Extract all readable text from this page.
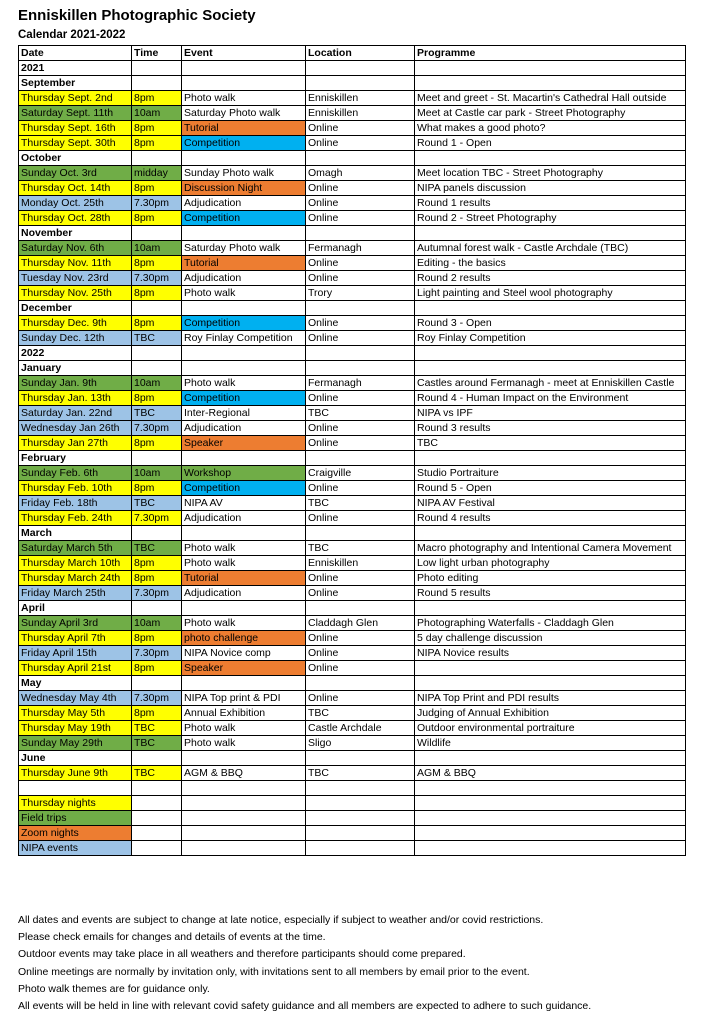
Enniskillen Photographic Society
Calendar 2021-2022
Date	Time	Event	Location	Programme
2021				
September				
Thursday Sept. 2nd	8pm	Photo walk	Enniskillen	Meet and greet - St. Macartin's Cathedral Hall outside
Saturday Sept. 11th	10am	Saturday Photo walk	Enniskillen	Meet at Castle car park - Street Photography
Thursday Sept. 16th	8pm	Tutorial	Online	What makes a good photo?
Thursday Sept. 30th	8pm	Competition	Online	Round 1 - Open
October				
Sunday Oct. 3rd	midday	Sunday Photo walk	Omagh	Meet location TBC - Street Photography
Thursday Oct. 14th	8pm	Discussion Night	Online	NIPA panels discussion
Monday Oct. 25th	7.30pm	Adjudication	Online	Round 1 results
Thursday Oct. 28th	8pm	Competition	Online	Round 2 - Street Photography
November				
Saturday Nov. 6th	10am	Saturday Photo walk	Fermanagh	Autumnal forest walk - Castle Archdale (TBC)
Thursday Nov. 11th	8pm	Tutorial	Online	Editing - the basics
Tuesday Nov. 23rd	7.30pm	Adjudication	Online	Round 2 results
Thursday Nov. 25th	8pm	Photo walk	Trory	Light painting and Steel wool photography
December				
Thursday Dec. 9th	8pm	Competition	Online	Round 3 - Open
Sunday Dec. 12th	TBC	Roy Finlay Competition	Online	Roy Finlay Competition
2022				
January				
Sunday Jan. 9th	10am	Photo walk	Fermanagh	Castles around Fermanagh - meet at Enniskillen Castle
Thursday Jan. 13th	8pm	Competition	Online	Round 4 - Human Impact on the Environment
Saturday Jan. 22nd	TBC	Inter-Regional	TBC	NIPA vs IPF
Wednesday Jan 26th	7.30pm	Adjudication	Online	Round 3 results
Thursday Jan 27th	8pm	Speaker	Online	TBC
February				
Sunday Feb. 6th	10am	Workshop	Craigville	Studio Portraiture
Thursday Feb. 10th	8pm	Competition	Online	Round 5 - Open
Friday Feb. 18th	TBC	NIPA AV	TBC	NIPA AV Festival
Thursday Feb. 24th	7.30pm	Adjudication	Online	Round 4 results
March				
Saturday March 5th	TBC	Photo walk	TBC	Macro photography and Intentional Camera Movement
Thursday March 10th	8pm	Photo walk	Enniskillen	Low light urban photography
Thursday March 24th	8pm	Tutorial	Online	Photo editing
Friday March 25th	7.30pm	Adjudication	Online	Round 5 results
April				
Sunday April 3rd	10am	Photo walk	Claddagh Glen	Photographing Waterfalls - Claddagh Glen
Thursday April 7th	8pm	photo challenge	Online	5 day challenge discussion
Friday April 15th	7.30pm	NIPA Novice comp	Online	NIPA Novice results
Thursday April 21st	8pm	Speaker	Online	
May				
Wednesday May 4th	7.30pm	NIPA Top print & PDI	Online	NIPA Top Print and PDI results
Thursday May 5th	8pm	Annual Exhibition	TBC	Judging of Annual Exhibition
Thursday May 19th	TBC	Photo walk	Castle Archdale	Outdoor environmental portraiture
Sunday May 29th	TBC	Photo walk	Sligo	Wildlife
June				
Thursday June 9th	TBC	AGM & BBQ	TBC	AGM & BBQ

Thursday nights				
Field trips				
Zoom nights				
NIPA events				
All dates and events are subject to change at late notice, especially if subject to weather and/or covid restrictions.
Please check emails for changes and details of events at the time.
Outdoor events may take place in all weathers and therefore participants should come prepared.
Online meetings are normally by invitation only, with invitations sent to all members by email prior to the event.
Photo walk themes are for guidance only.
All events will be held in line with relevant covid safety guidance and all members are expected to adhere to such guidance.
